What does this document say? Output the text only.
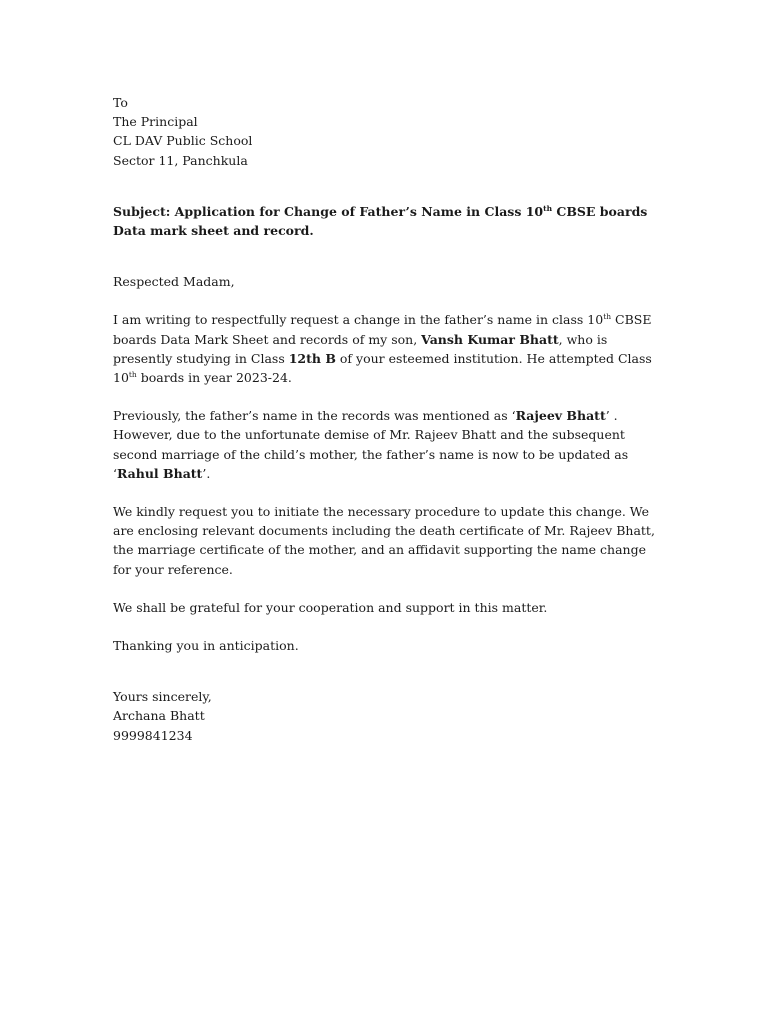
To
The Principal
CL DAV Public School
Sector 11, Panchkula

Subject: Application for Change of Father’s Name in Class 10th CBSE boards Data mark sheet and record.

Respected Madam,

I am writing to respectfully request a change in the father’s name in class 10th CBSE boards Data Mark Sheet and records of my son, Vansh Kumar Bhatt, who is presently studying in Class 12th B of your esteemed institution. He attempted Class 10th boards in year 2023-24.

Previously, the father’s name in the records was mentioned as ‘Rajeev Bhatt’ . However, due to the unfortunate demise of Mr. Rajeev Bhatt and the subsequent second marriage of the child’s mother, the father’s name is now to be updated as ‘Rahul Bhatt’.

We kindly request you to initiate the necessary procedure to update this change. We are enclosing relevant documents including the death certificate of Mr. Rajeev Bhatt, the marriage certificate of the mother, and an affidavit supporting the name change for your reference.

We shall be grateful for your cooperation and support in this matter.

Thanking you in anticipation.

Yours sincerely,
Archana Bhatt
9999841234
